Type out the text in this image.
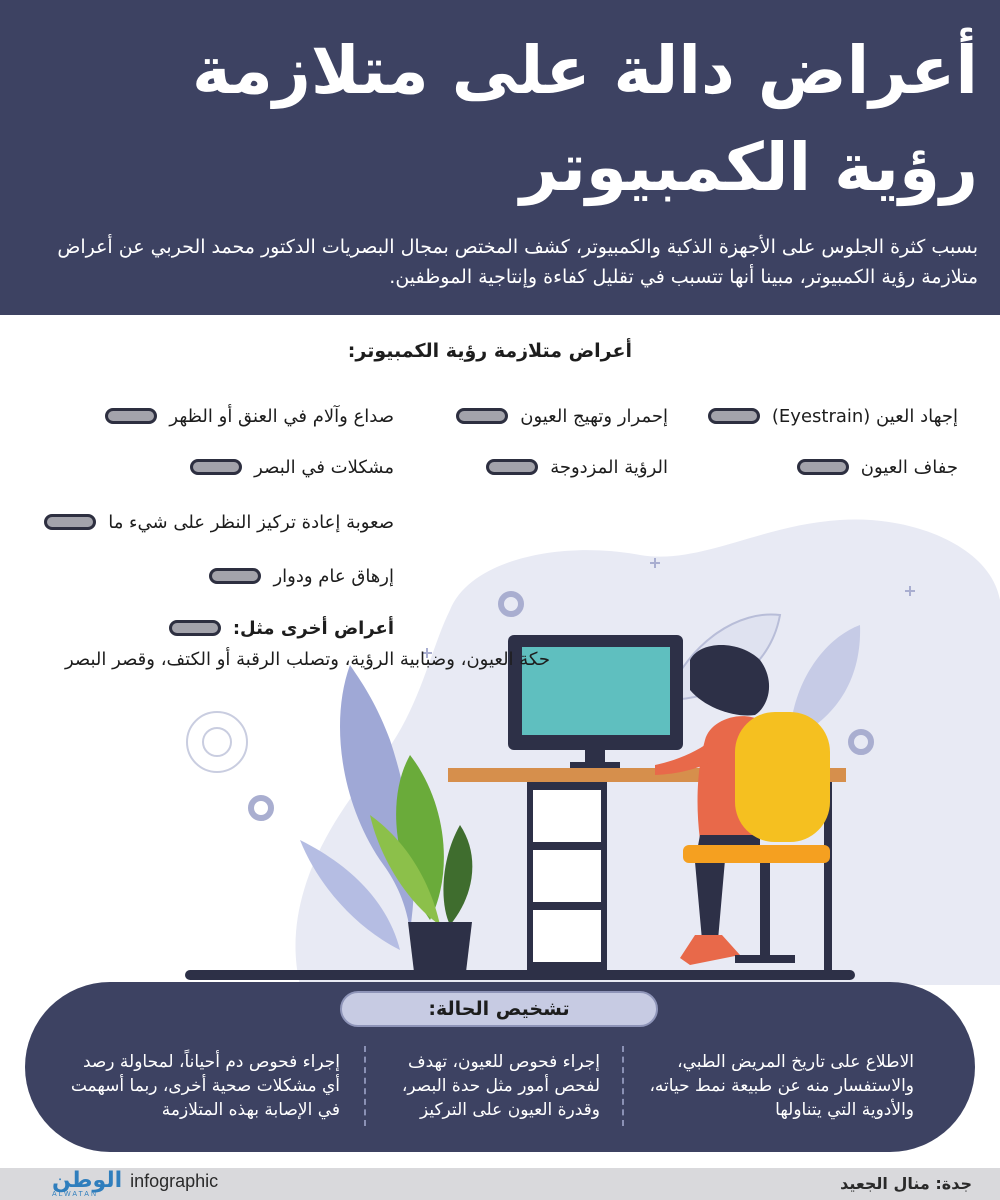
أعراض دالة على متلازمة
رؤية الكمبيوتر

بسبب كثرة الجلوس على الأجهزة الذكية والكمبيوتر، كشف المختص بمجال البصريات الدكتور محمد الحربي عن أعراض متلازمة رؤية الكمبيوتر، مبينا أنها تتسبب في تقليل كفاءة وإنتاجية الموظفين.

أعراض متلازمة رؤية الكمبيوتر:
إجهاد العين (Eyestrain)
إحمرار وتهيج العيون
صداع وآلام في العنق أو الظهر
جفاف العيون
الرؤية المزدوجة
مشكلات في البصر
صعوبة إعادة تركيز النظر على شيء ما
إرهاق عام ودوار
أعراض أخرى مثل:

حكة العيون، وضبابية الرؤية، وتصلب الرقبة أو الكتف، وقصر البصر

تشخيص الحالة:

الاطلاع على تاريخ المريض الطبي، والاستفسار منه عن طبيعة نمط حياته، والأدوية التي يتناولها

إجراء فحوص للعيون، تهدف لفحص أمور مثل حدة البصر، وقدرة العيون على التركيز

إجراء فحوص دم أحياناً، لمحاولة رصد أي مشكلات صحية أخرى، ربما أسهمت في الإصابة بهذه المتلازمة

جدة: منال الجعيد
الوطن infographic
ALWATAN
